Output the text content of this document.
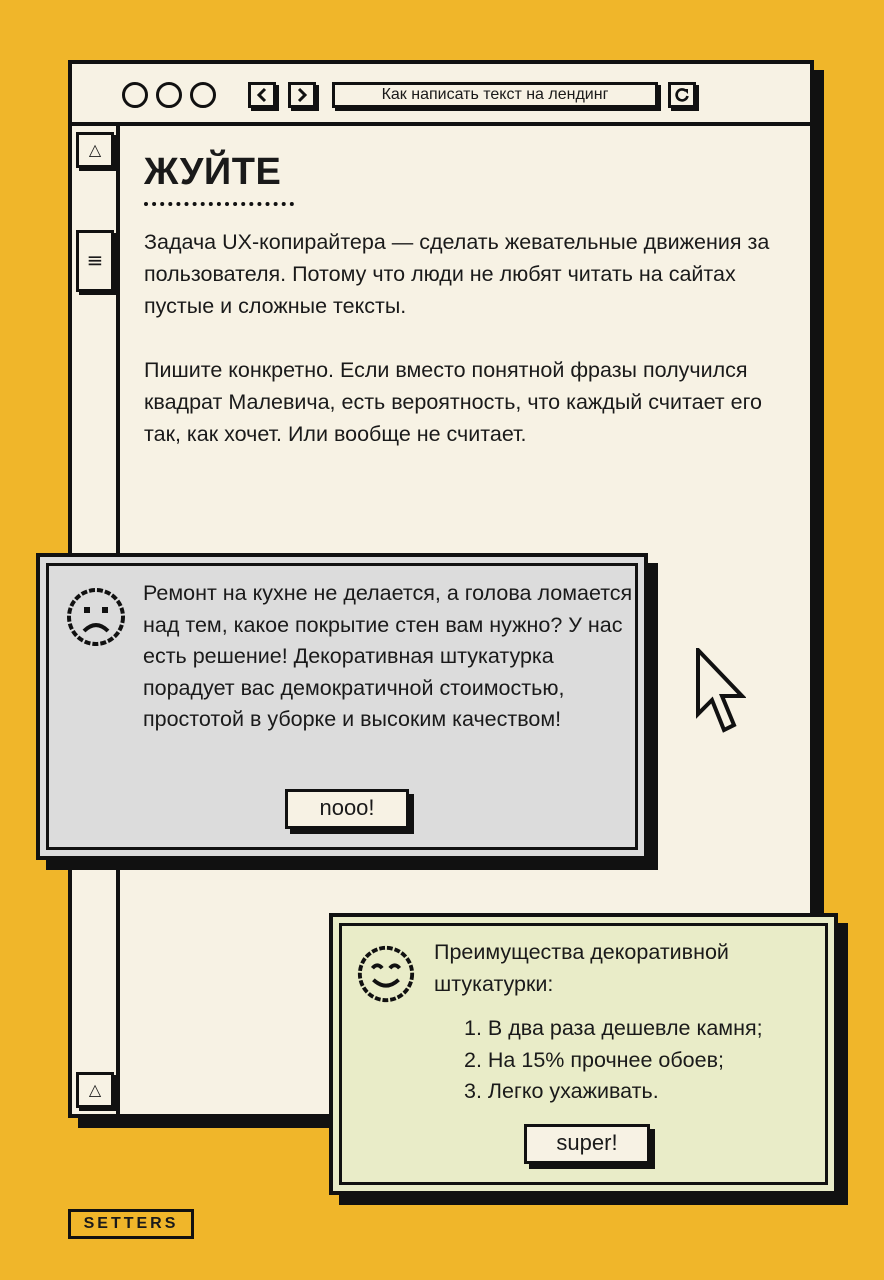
Как написать текст на лендинг
△
≡
△
ЖУЙТЕ

Задача UX-копирайтера — сделать жевательные движения за пользователя. Потому что люди не любят читать на сайтах пустые и сложные тексты.

Пишите конкретно. Если вместо понятной фразы получился квадрат Малевича, есть вероятность, что каждый считает его так, как хочет. Или вообще не считает.

Ремонт на кухне не делается, а голова ломается над тем, какое покрытие стен вам нужно? У нас есть решение! Декоративная штукатурка порадует вас демократичной стоимостью, простотой в уборке и высоким качеством!

nooo!

Преимущества декоративной штукатурки:

1. В два раза дешевле камня;
2. На 15% прочнее обоев;
3. Легко ухаживать.
super!
SETTERS
